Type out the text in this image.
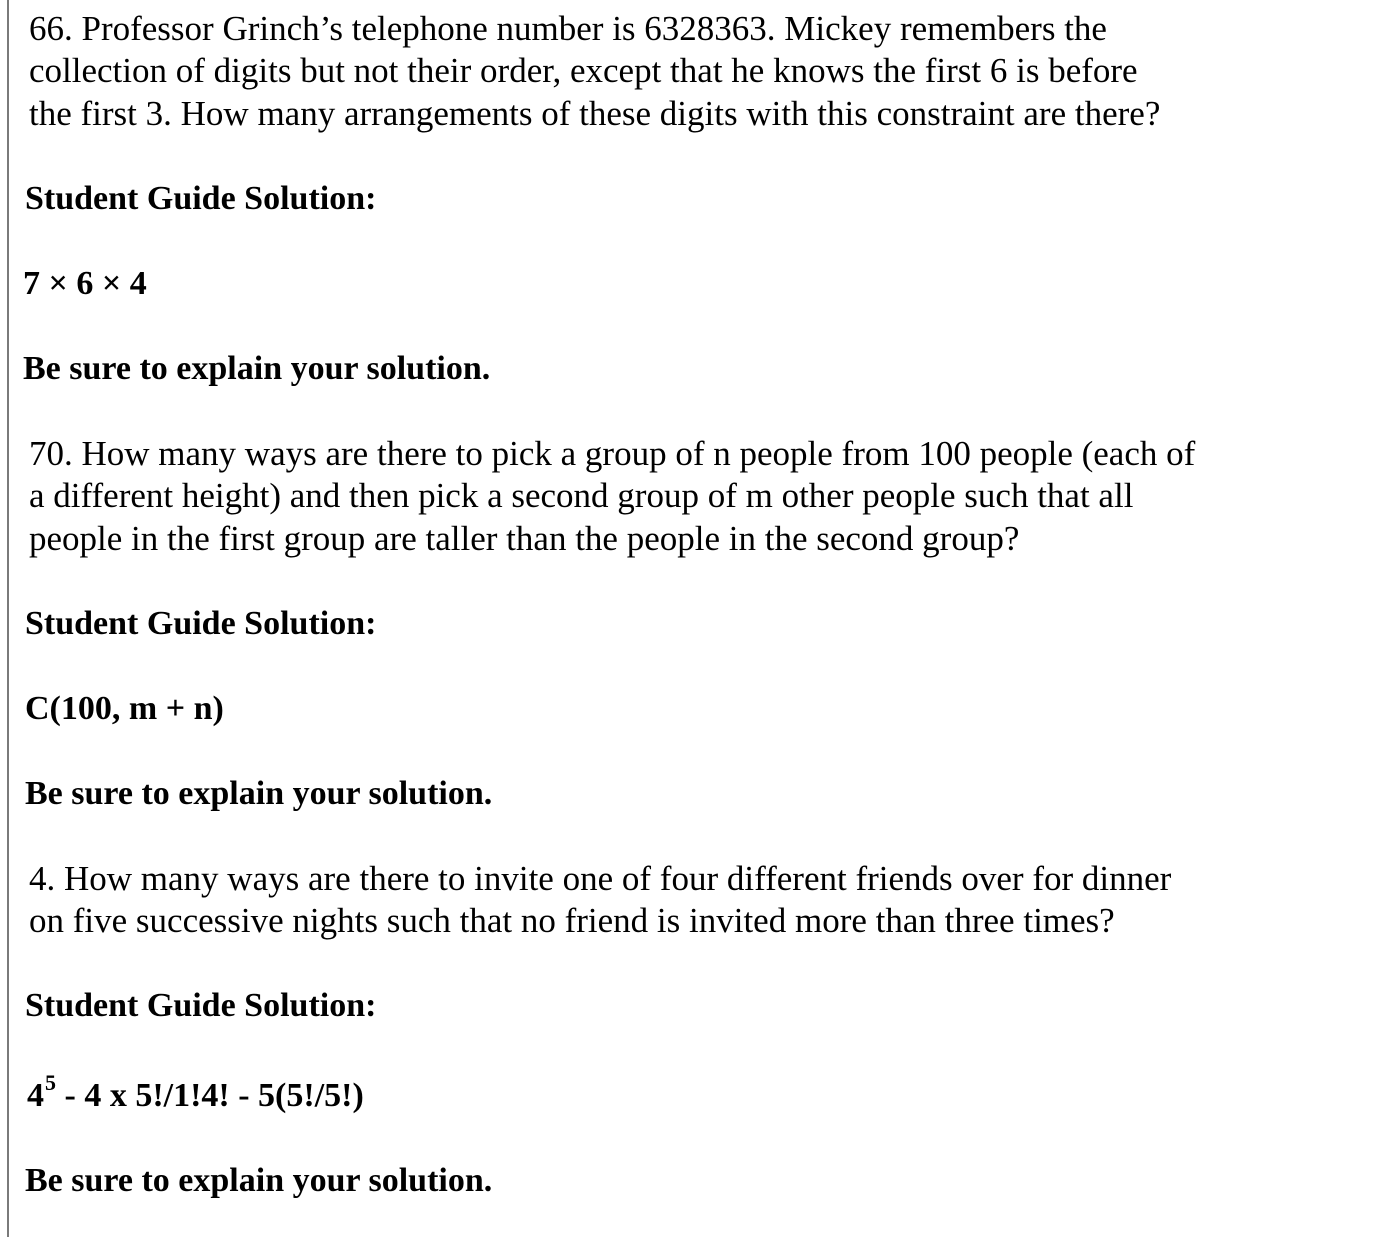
66. Professor Grinch’s telephone number is 6328363. Mickey remembers the
collection of digits but not their order, except that he knows the first 6 is before
the first 3. How many arrangements of these digits with this constraint are there?
Student Guide Solution:
7 × 6 × 4
Be sure to explain your solution.
70. How many ways are there to pick a group of n people from 100 people (each of
a different height) and then pick a second group of m other people such that all
people in the first group are taller than the people in the second group?
Student Guide Solution:
C(100, m + n)
Be sure to explain your solution.
4. How many ways are there to invite one of four different friends over for dinner
on five successive nights such that no friend is invited more than three times?
Student Guide Solution:
$4^5 - 4$ x 5!/1!4! - 5(5!/5!)
Be sure to explain your solution.
